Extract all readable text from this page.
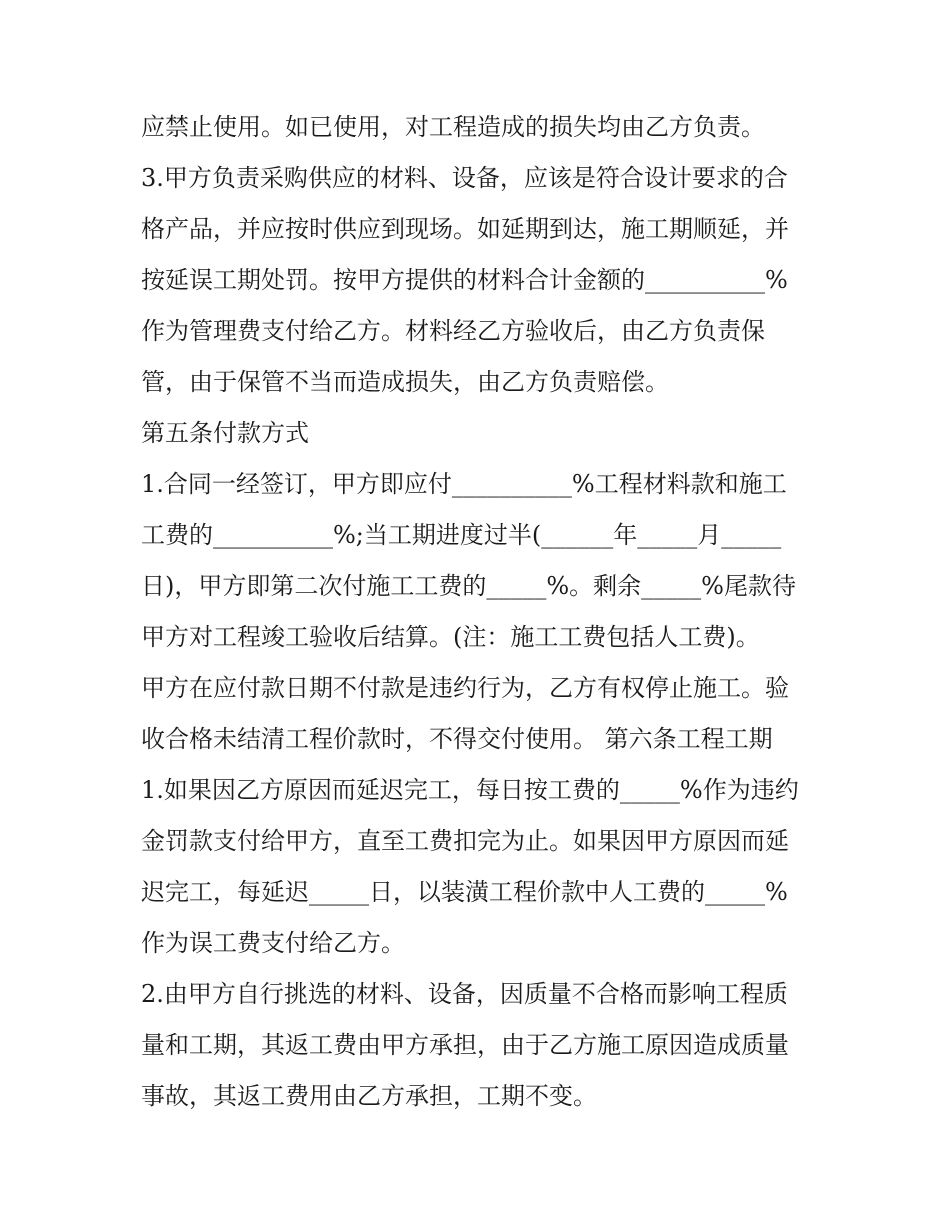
应禁止使用。如已使用，对工程造成的损失均由乙方负责。
3.甲方负责采购供应的材料、设备，应该是符合设计要求的合
格产品，并应按时供应到现场。如延期到达，施工期顺延，并
按延误工期处罚。按甲方提供的材料合计金额的__________%
作为管理费支付给乙方。材料经乙方验收后，由乙方负责保
管，由于保管不当而造成损失，由乙方负责赔偿。
第五条付款方式
1.合同一经签订，甲方即应付__________%工程材料款和施工
工费的__________%;当工期进度过半(______年_____月_____
日)，甲方即第二次付施工工费的_____%。剩余_____%尾款待
甲方对工程竣工验收后结算。(注：施工工费包括人工费)。
甲方在应付款日期不付款是违约行为，乙方有权停止施工。验
收合格未结清工程价款时，不得交付使用。 第六条工程工期
1.如果因乙方原因而延迟完工，每日按工费的_____%作为违约
金罚款支付给甲方，直至工费扣完为止。如果因甲方原因而延
迟完工，每延迟_____日，以装潢工程价款中人工费的_____%
作为误工费支付给乙方。
2.由甲方自行挑选的材料、设备，因质量不合格而影响工程质
量和工期，其返工费由甲方承担，由于乙方施工原因造成质量
事故，其返工费用由乙方承担，工期不变。
